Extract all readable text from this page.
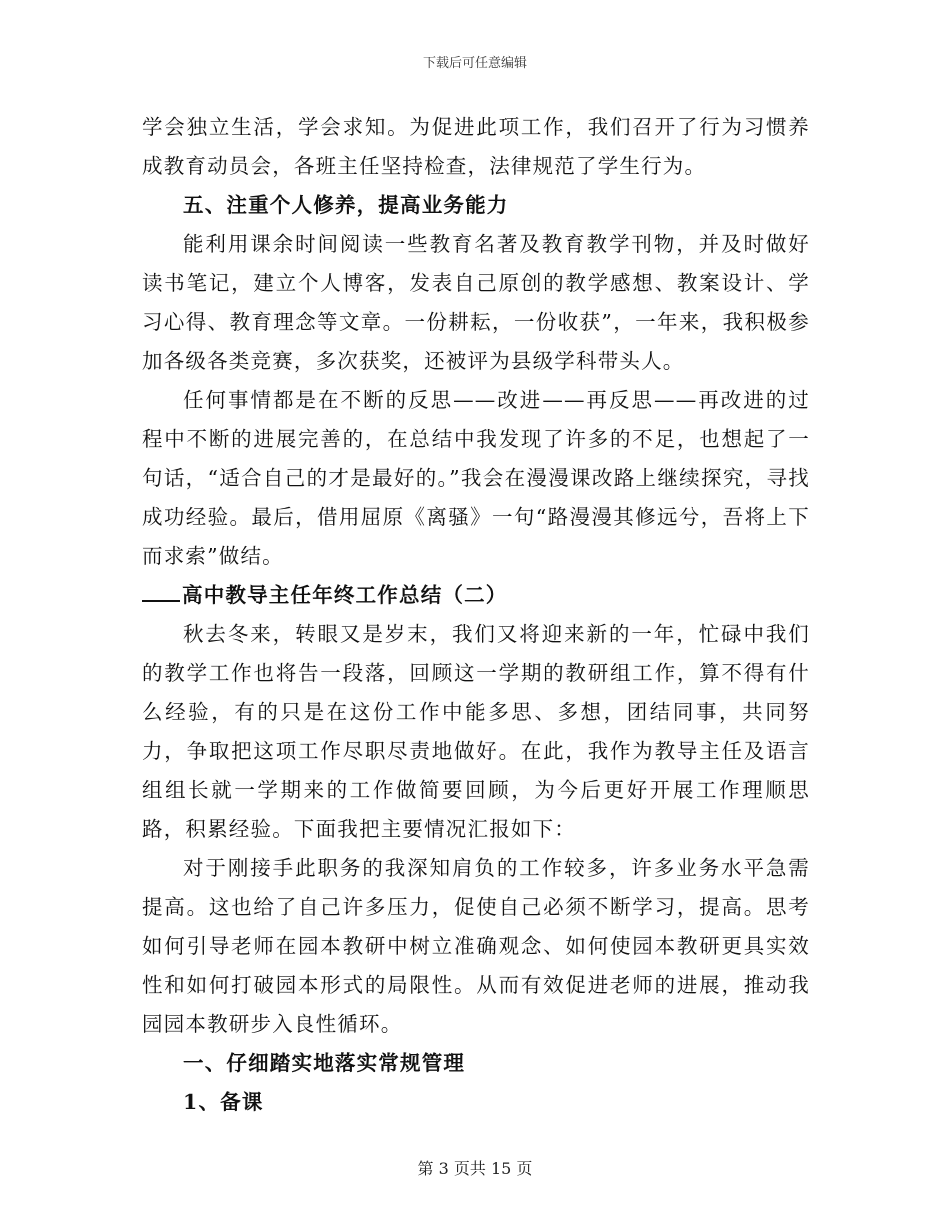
下载后可任意编辑

学会独立生活，学会求知。为促进此项工作，我们召开了行为习惯养成教育动员会，各班主任坚持检查，法律规范了学生行为。

五、注重个人修养，提高业务能力

能利用课余时间阅读一些教育名著及教育教学刊物，并及时做好读书笔记，建立个人博客，发表自己原创的教学感想、教案设计、学习心得、教育理念等文章。一份耕耘，一份收获”，一年来，我积极参加各级各类竞赛，多次获奖，还被评为县级学科带头人。

任何事情都是在不断的反思——改进——再反思——再改进的过程中不断的进展完善的，在总结中我发现了许多的不足，也想起了一句话，“适合自己的才是最好的。”我会在漫漫课改路上继续探究，寻找成功经验。最后，借用屈原《离骚》一句“路漫漫其修远兮，吾将上下而求索”做结。

高中教导主任年终工作总结（二）

秋去冬来，转眼又是岁末，我们又将迎来新的一年，忙碌中我们的教学工作也将告一段落，回顾这一学期的教研组工作，算不得有什么经验，有的只是在这份工作中能多思、多想，团结同事，共同努力，争取把这项工作尽职尽责地做好。在此，我作为教导主任及语言组组长就一学期来的工作做简要回顾，为今后更好开展工作理顺思路，积累经验。下面我把主要情况汇报如下：

对于刚接手此职务的我深知肩负的工作较多，许多业务水平急需提高。这也给了自己许多压力，促使自己必须不断学习，提高。思考如何引导老师在园本教研中树立准确观念、如何使园本教研更具实效性和如何打破园本形式的局限性。从而有效促进老师的进展，推动我园园本教研步入良性循环。

一、仔细踏实地落实常规管理

1、备课

第 3 页共 15 页
